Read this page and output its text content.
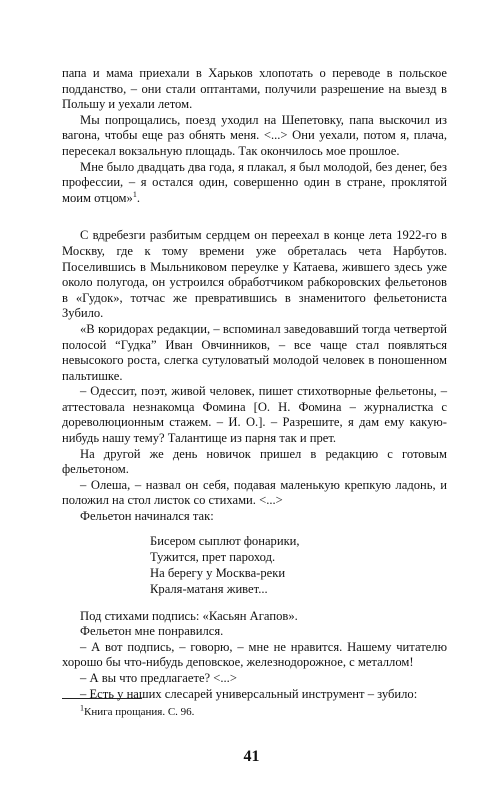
папа и мама приехали в Харьков хлопотать о переводе в польское подданство, – они стали оптантами, получили разрешение на выезд в Польшу и уехали летом.

Мы попрощались, поезд уходил на Шепетовку, папа выскочил из вагона, чтобы еще раз обнять меня. <...> Они уехали, потом я, плача, пересекал вокзальную площадь. Так окончилось мое прошлое.

Мне было двадцать два года, я плакал, я был молодой, без денег, без профессии, – я остался один, совершенно один в стране, проклятой моим отцом»$^1$.

С вдребезги разбитым сердцем он переехал в конце лета 1922-го в Москву, где к тому времени уже обреталась чета Нарбутов. Поселившись в Мыльниковом переулке у Катаева, жившего здесь уже около полугода, он устроился обработчиком рабкоровских фельетонов в «Гудок», тотчас же превратившись в знаменитого фельетониста Зубило.

«В коридорах редакции, – вспоминал заведовавший тогда четвертой полосой “Гудка” Иван Овчинников, – все чаще стал появляться невысокого роста, слегка сутуловатый молодой человек в поношенном пальтишке.

– Одессит, поэт, живой человек, пишет стихотворные фельетоны, – аттестовала незнакомца Фомина [О. Н. Фомина – журналистка с дореволюционным стажем. – И. О.]. – Разрешите, я дам ему какую-нибудь нашу тему? Талантище из парня так и прет.

На другой же день новичок пришел в редакцию с готовым фельетоном.

– Олеша, – назвал он себя, подавая маленькую крепкую ладонь, и положил на стол листок со стихами. <...>

Фельетон начинался так:

Бисером сыплют фонарики,
Тужится, прет пароход.
На берегу у Москва-реки
Краля-матаня живет...

Под стихами подпись: «Касьян Агапов».

Фельетон мне понравился.

– А вот подпись, – говорю, – мне не нравится. Нашему читателю хорошо бы что-нибудь деповское, железнодорожное, с металлом!

– А вы что предлагаете? <...>

– Есть у наших слесарей универсальный инструмент – зубило:

$^1$Книга прощания. С. 96.
41
